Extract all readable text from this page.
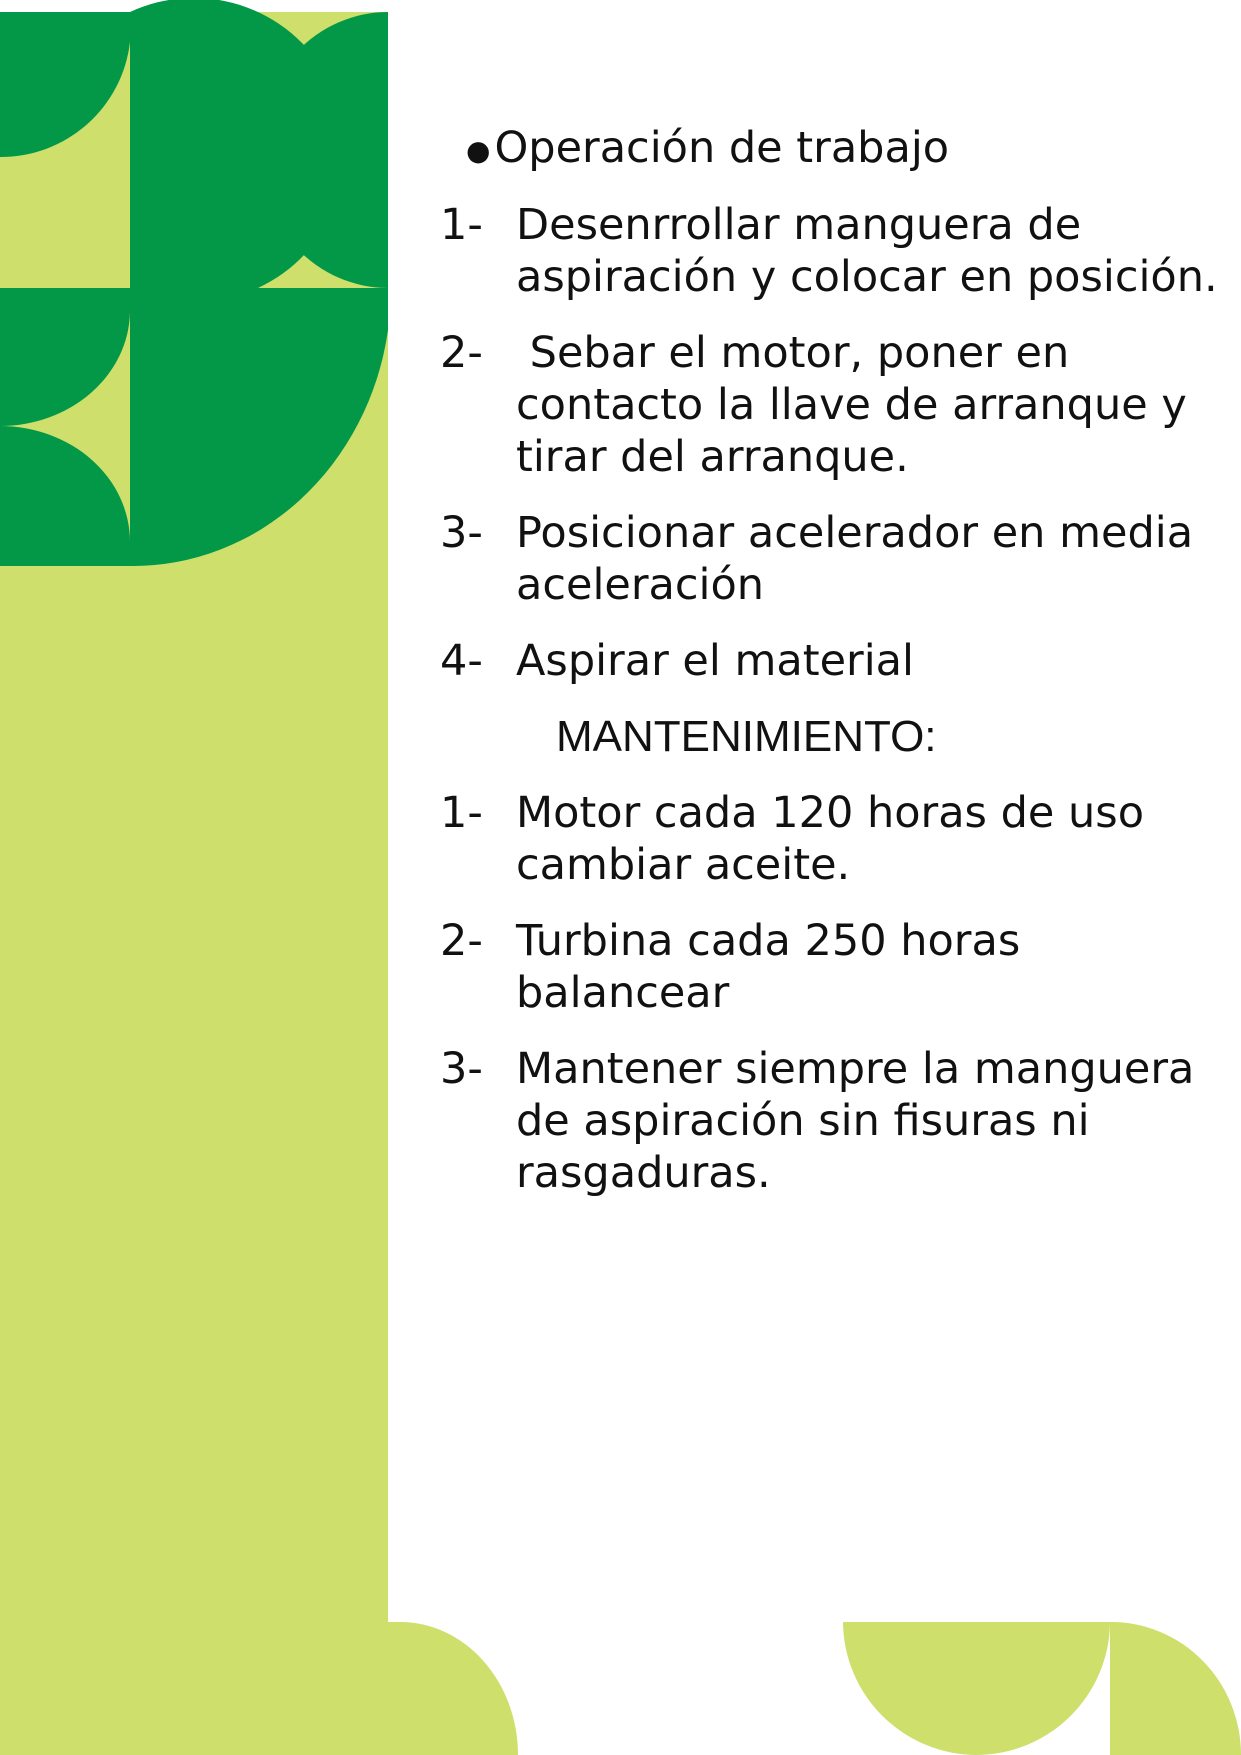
●Operación de trabajo
1- Desenrrollar manguera de aspiración y colocar en posición.
2- Sebar el motor, poner en contacto la llave de arranque y tirar del arranque.
3- Posicionar acelerador en media aceleración
4- Aspirar el material
MANTENIMIENTO:
1- Motor cada 120 horas de uso cambiar aceite.
2- Turbina cada 250 horas balancear
3- Mantener siempre la manguera de aspiración sin fisuras ni rasgaduras.
